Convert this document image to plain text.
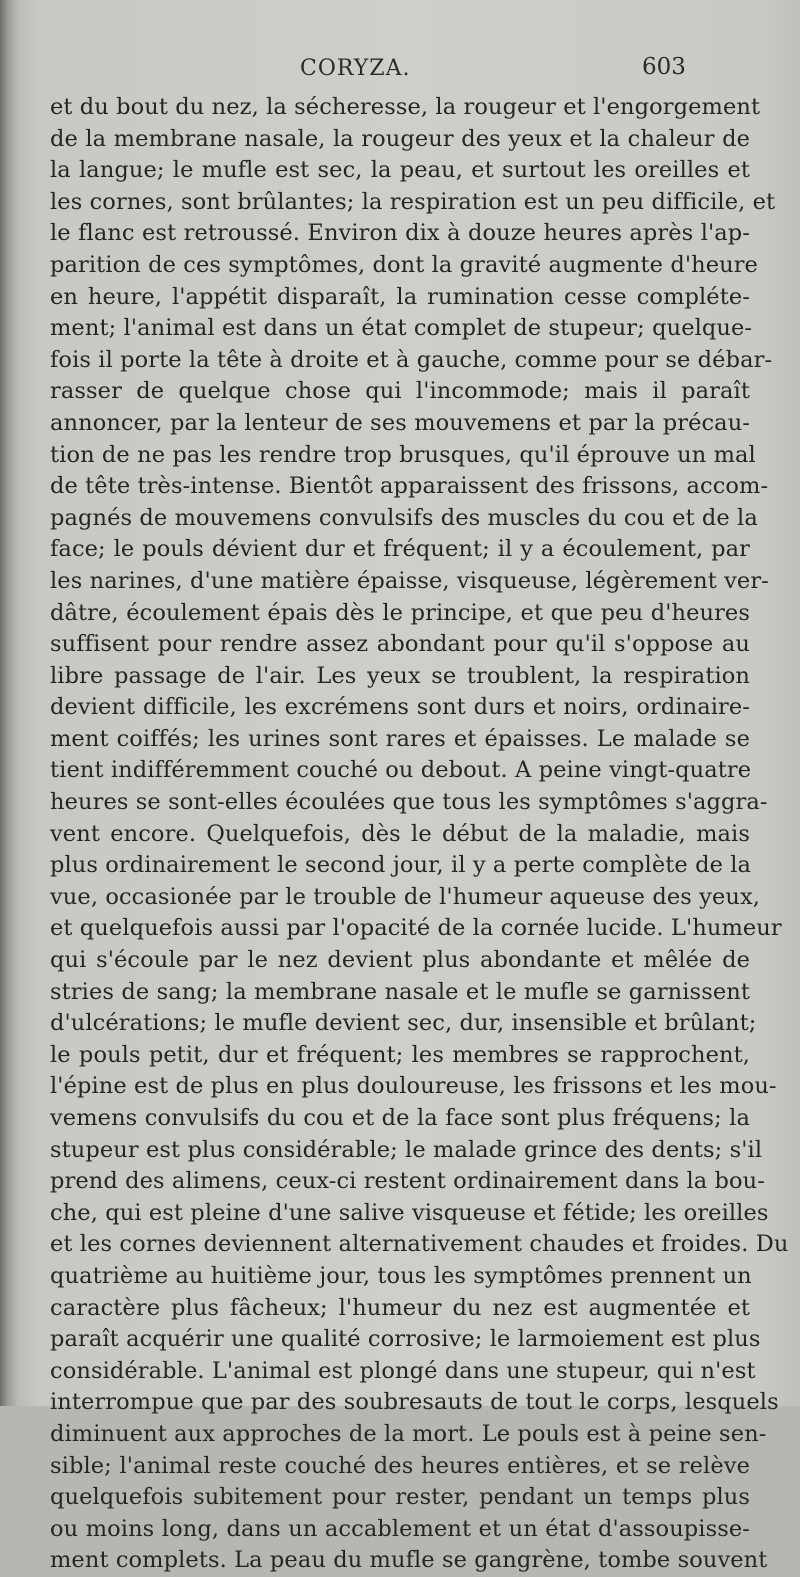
CORYZA.	603
et du bout du nez, la sécheresse, la rougeur et l'engorgement
de la membrane nasale, la rougeur des yeux et la chaleur de
la langue; le mufle est sec, la peau, et surtout les oreilles et
les cornes, sont brûlantes; la respiration est un peu difficile, et
le flanc est retroussé. Environ dix à douze heures après l'ap-
parition de ces symptômes, dont la gravité augmente d'heure
en heure, l'appétit disparaît, la rumination cesse compléte-
ment; l'animal est dans un état complet de stupeur; quelque-
fois il porte la tête à droite et à gauche, comme pour se débar-
rasser de quelque chose qui l'incommode; mais il paraît
annoncer, par la lenteur de ses mouvemens et par la précau-
tion de ne pas les rendre trop brusques, qu'il éprouve un mal
de tête très-intense. Bientôt apparaissent des frissons, accom-
pagnés de mouvemens convulsifs des muscles du cou et de la
face; le pouls dévient dur et fréquent; il y a écoulement, par
les narines, d'une matière épaisse, visqueuse, légèrement ver-
dâtre, écoulement épais dès le principe, et que peu d'heures
suffisent pour rendre assez abondant pour qu'il s'oppose au
libre passage de l'air. Les yeux se troublent, la respiration
devient difficile, les excrémens sont durs et noirs, ordinaire-
ment coiffés; les urines sont rares et épaisses. Le malade se
tient indifféremment couché ou debout. A peine vingt-quatre
heures se sont-elles écoulées que tous les symptômes s'aggra-
vent encore. Quelquefois, dès le début de la maladie, mais
plus ordinairement le second jour, il y a perte complète de la
vue, occasionée par le trouble de l'humeur aqueuse des yeux,
et quelquefois aussi par l'opacité de la cornée lucide. L'humeur
qui s'écoule par le nez devient plus abondante et mêlée de
stries de sang; la membrane nasale et le mufle se garnissent
d'ulcérations; le mufle devient sec, dur, insensible et brûlant;
le pouls petit, dur et fréquent; les membres se rapprochent,
l'épine est de plus en plus douloureuse, les frissons et les mou-
vemens convulsifs du cou et de la face sont plus fréquens; la
stupeur est plus considérable; le malade grince des dents; s'il
prend des alimens, ceux-ci restent ordinairement dans la bou-
che, qui est pleine d'une salive visqueuse et fétide; les oreilles
et les cornes deviennent alternativement chaudes et froides. Du
quatrième au huitième jour, tous les symptômes prennent un
caractère plus fâcheux; l'humeur du nez est augmentée et
paraît acquérir une qualité corrosive; le larmoiement est plus
considérable. L'animal est plongé dans une stupeur, qui n'est
interrompue que par des soubresauts de tout le corps, lesquels
diminuent aux approches de la mort. Le pouls est à peine sen-
sible; l'animal reste couché des heures entières, et se relève
quelquefois subitement pour rester, pendant un temps plus
ou moins long, dans un accablement et un état d'assoupisse-
ment complets. La peau du mufle se gangrène, tombe souvent
